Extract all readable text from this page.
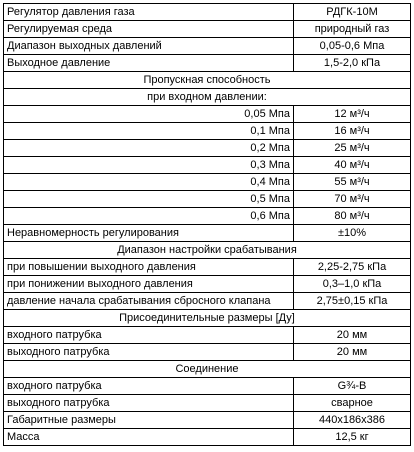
Регулятор давления газа	РДГК-10М
Регулируемая среда	природный газ
Диапазон выходных давлений	0,05-0,6 Мпа
Выходное давление	1,5-2,0 кПа
Пропускная способность	
при входном давлении:	
0,05 Мпа	12 м³/ч
0,1 Мпа	16 м³/ч
0,2 Мпа	25 м³/ч
0,3 Мпа	40 м³/ч
0,4 Мпа	55 м³/ч
0,5 Мпа	70 м³/ч
0,6 Мпа	80 м³/ч
Неравномерность регулирования	±10%
Диапазон настройки срабатывания	
при повышении выходного давления	2,25-2,75 кПа
при понижении выходного давления	0,3–1,0 кПа
давление начала срабатывания сбросного клапана	2,75±0,15 кПа
Присоединительные размеры [Ду]	
входного патрубка	20 мм
выходного патрубка	20 мм
Соединение	
входного патрубка	G¾-B
выходного патрубка	сварное
Габаритные размеры	440х186х386
Масса	12,5 кг
